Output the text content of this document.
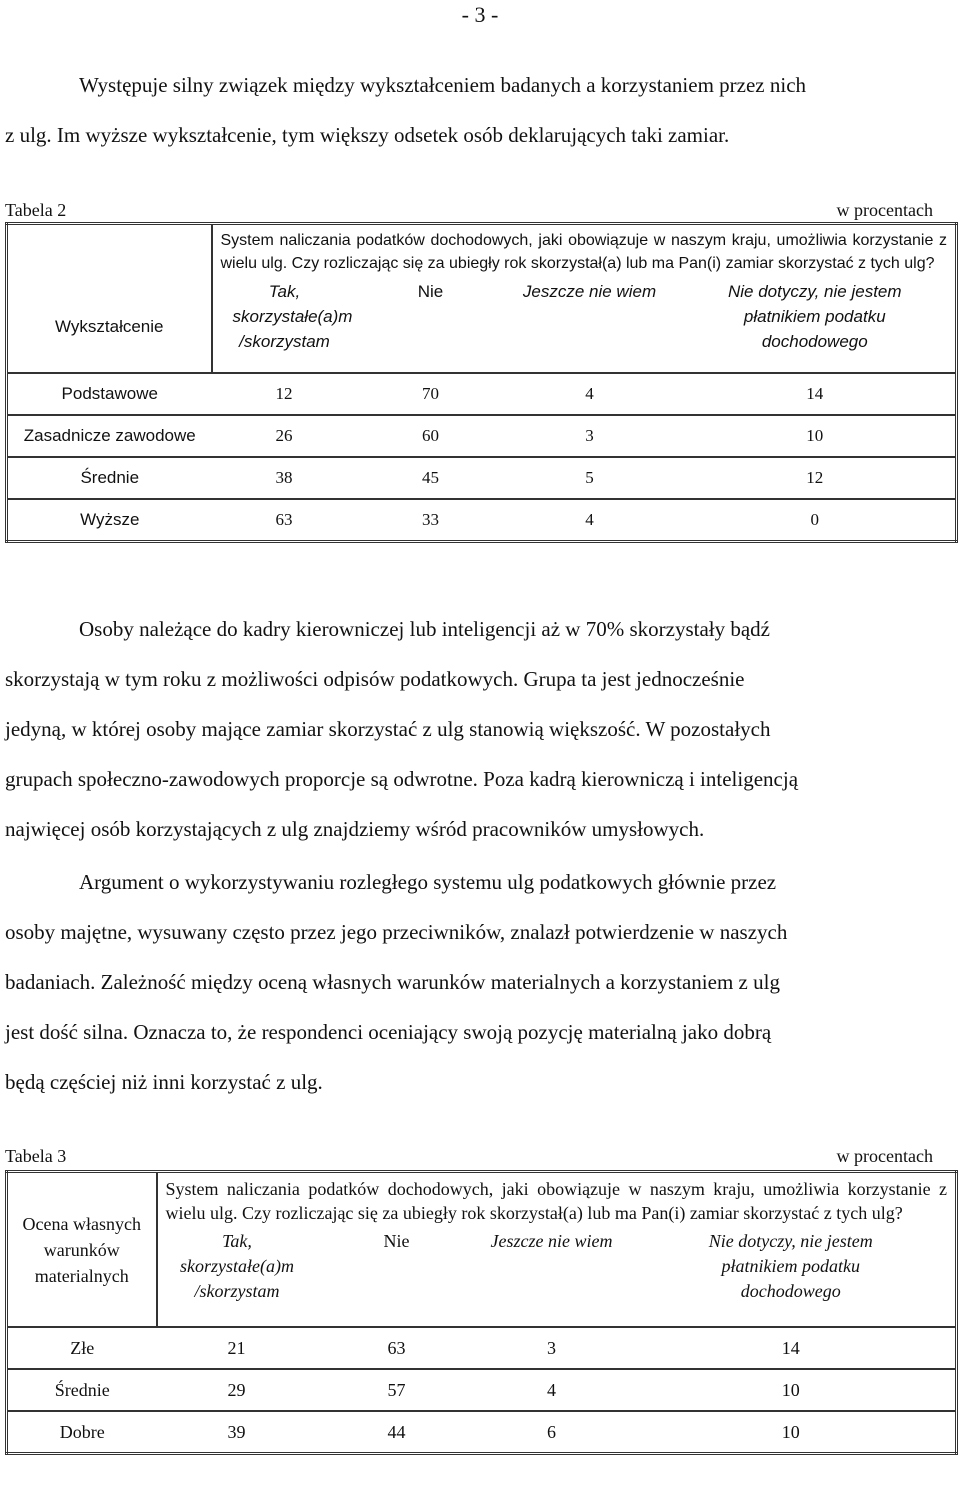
- 3 -
Występuje silny związek między wykształceniem badanych a korzystaniem przez nich
z ulg. Im wyższe wykształcenie, tym większy odsetek osób deklarujących taki zamiar.
Tabela 2	w procentach
Wykształcenie	System naliczania podatków dochodowych, jaki obowiązuje w naszym kraju, umożliwia korzystanie z wielu ulg. Czy rozliczając się za ubiegły rok skorzystał(a) lub ma Pan(i) zamiar skorzystać z tych ulg?			

	Tak, skorzystałe(a)m /skorzystam	Nie	Jeszcze nie wiem	Nie dotyczy, nie jestem płatnikiem podatku dochodowego
Podstawowe	12	70	4	14
Zasadnicze zawodowe	26	60	3	10
Średnie	38	45	5	12
Wyższe	63	33	4	0
Osoby należące do kadry kierowniczej lub inteligencji aż w 70% skorzystały bądź
skorzystają w tym roku z możliwości odpisów podatkowych. Grupa ta jest jednocześnie
jedyną, w której osoby mające zamiar skorzystać z ulg stanowią większość. W pozostałych
grupach społeczno-zawodowych proporcje są odwrotne. Poza kadrą kierowniczą i inteligencją
najwięcej osób korzystających z ulg znajdziemy wśród pracowników umysłowych.
Argument o wykorzystywaniu rozległego systemu ulg podatkowych głównie przez
osoby majętne, wysuwany często przez jego przeciwników, znalazł potwierdzenie w naszych
badaniach. Zależność między oceną własnych warunków materialnych a korzystaniem z ulg
jest dość silna. Oznacza to, że respondenci oceniający swoją pozycję materialną jako dobrą
będą częściej niż inni korzystać z ulg.
Tabela 3	w procentach
Ocena własnych warunków materialnych	System naliczania podatków dochodowych, jaki obowiązuje w naszym kraju, umożliwia korzystanie z wielu ulg. Czy rozliczając się za ubiegły rok skorzystał(a) lub ma Pan(i) zamiar skorzystać z tych ulg?			

	Tak, skorzystałe(a)m /skorzystam	Nie	Jeszcze nie wiem	Nie dotyczy, nie jestem płatnikiem podatku dochodowego
Złe	21	63	3	14
Średnie	29	57	4	10
Dobre	39	44	6	10
